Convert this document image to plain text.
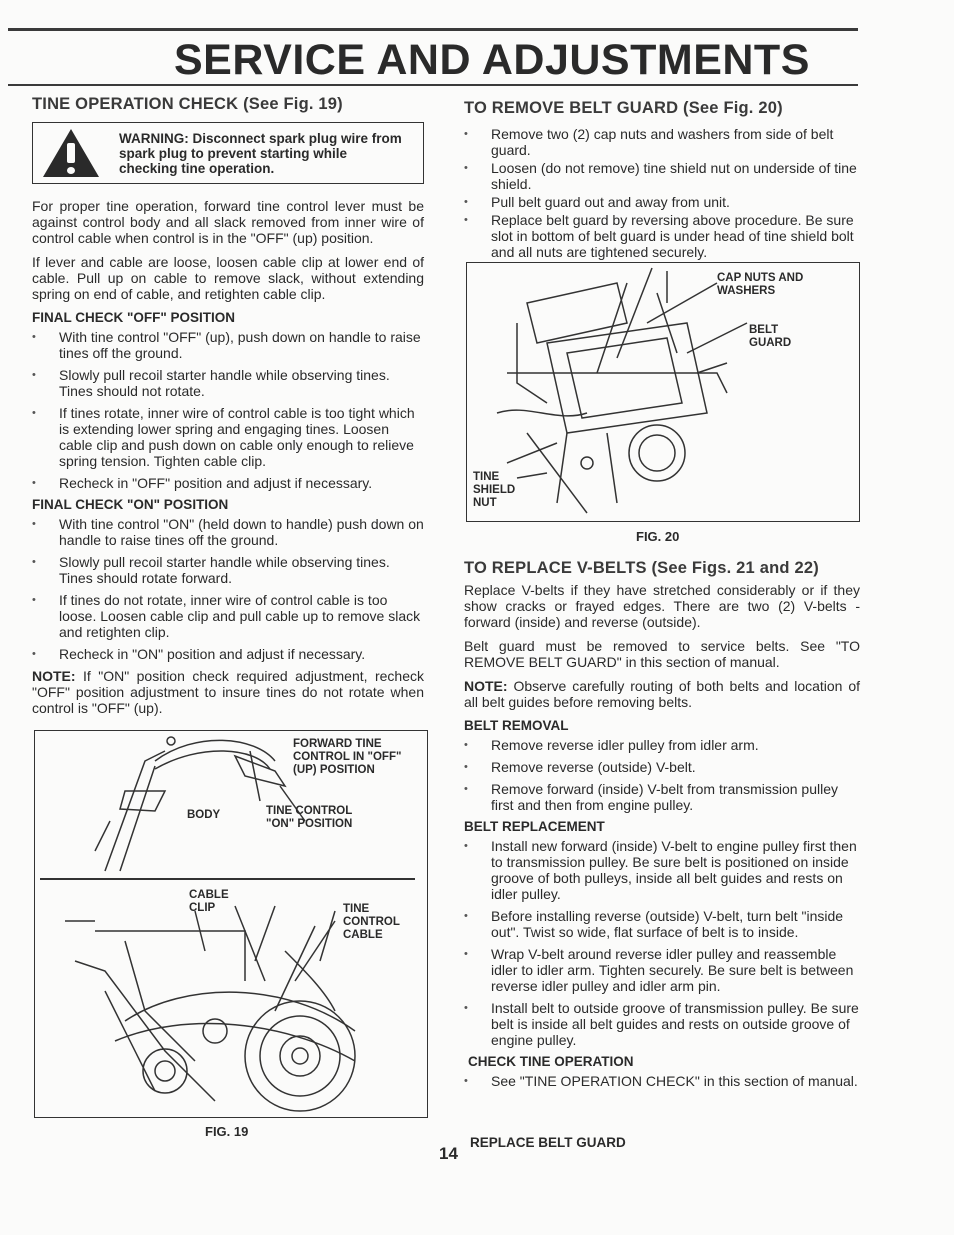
SERVICE AND ADJUSTMENTS
TINE OPERATION CHECK (See Fig. 19)
WARNING: Disconnect spark plug wire from spark plug to prevent starting while checking tine operation.

For proper tine operation, forward tine control lever must be against control body and all slack removed from inner wire of control cable when control is in the "OFF" (up) position.

If lever and cable are loose, loosen cable clip at lower end of cable. Pull up on cable to remove slack, without extending spring on end of cable, and retighten cable clip.

FINAL CHECK "OFF" POSITION
• With tine control "OFF" (up), push down on handle to raise tines off the ground.
• Slowly pull recoil starter handle while observing tines. Tines should not rotate.
• If tines rotate, inner wire of control cable is too tight which is extending lower spring and engaging tines. Loosen cable clip and push down on cable only enough to relieve spring tension. Tighten cable clip.
• Recheck in "OFF" position and adjust if necessary.
FINAL CHECK "ON" POSITION
• With tine control "ON" (held down to handle) push down on handle to raise tines off the ground.
• Slowly pull recoil starter handle while observing tines. Tines should rotate forward.
• If tines do not rotate, inner wire of control cable is too loose. Loosen cable clip and pull cable up to remove slack and retighten clip.
• Recheck in "ON" position and adjust if necessary.

NOTE: If "ON" position check required adjustment, recheck "OFF" position adjustment to insure tines do not rotate when control is "OFF" (up).

FORWARD TINE CONTROL IN "OFF" (UP) POSITION
BODY	TINE CONTROL "ON" POSITION
CABLE CLIP	TINE CONTROL CABLE
FIG. 19
TO REMOVE BELT GUARD (See Fig. 20)
• Remove two (2) cap nuts and washers from side of belt guard.
• Loosen (do not remove) tine shield nut on underside of tine shield.
• Pull belt guard out and away from unit.
• Replace belt guard by reversing above procedure. Be sure slot in bottom of belt guard is under head of tine shield bolt and all nuts are tightened securely.
CAP NUTS AND WASHERS
BELT GUARD
TINE SHIELD NUT
FIG. 20
TO REPLACE V-BELTS (See Figs. 21 and 22)

Replace V-belts if they have stretched considerably or if they show cracks or frayed edges. There are two (2) V-belts - forward (inside) and reverse (outside).

Belt guard must be removed to service belts. See "TO REMOVE BELT GUARD" in this section of manual.

NOTE: Observe carefully routing of both belts and location of all belt guides before removing belts.

BELT REMOVAL
• Remove reverse idler pulley from idler arm.
• Remove reverse (outside) V-belt.
• Remove forward (inside) V-belt from transmission pulley first and then from engine pulley.
BELT REPLACEMENT
• Install new forward (inside) V-belt to engine pulley first then to transmission pulley. Be sure belt is positioned on inside groove of both pulleys, inside all belt guides and rests on idler pulley.
• Before installing reverse (outside) V-belt, turn belt "inside out". Twist so wide, flat surface of belt is to inside.
• Wrap V-belt around reverse idler pulley and reassemble idler to idler arm. Tighten securely. Be sure belt is between reverse idler pulley and idler arm pin.
• Install belt to outside groove of transmission pulley. Be sure belt is inside all belt guides and rests on outside groove of engine pulley.
CHECK TINE OPERATION
• See "TINE OPERATION CHECK" in this section of manual.
14
REPLACE BELT GUARD
